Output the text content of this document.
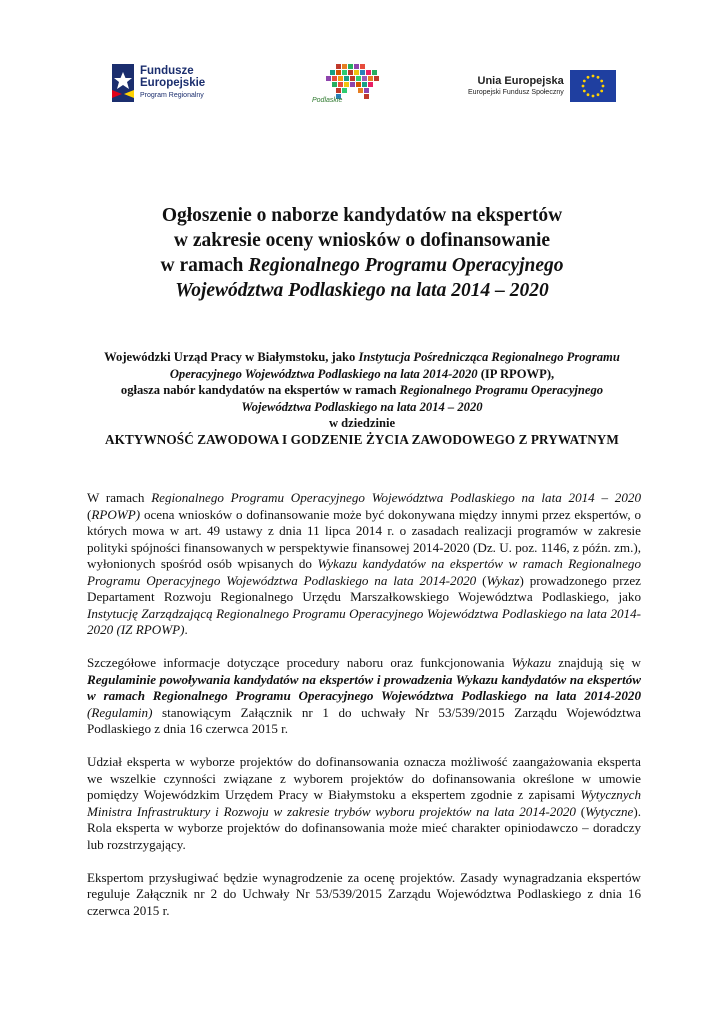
Fundusze
Europejskie
Program Regionalny
Podlaskie
Unia Europejska
Europejski Fundusz Społeczny
Ogłoszenie o naborze kandydatów na ekspertów
w zakresie oceny wniosków o dofinansowanie
w ramach Regionalnego Programu Operacyjnego
Województwa Podlaskiego na lata 2014 – 2020
Wojewódzki Urząd Pracy w Białymstoku, jako Instytucja Pośrednicząca Regionalnego Programu Operacyjnego Województwa Podlaskiego na lata 2014-2020 (IP RPOWP),
ogłasza nabór kandydatów na ekspertów w ramach Regionalnego Programu Operacyjnego Województwa Podlaskiego na lata 2014 – 2020
w dziedzinie
AKTYWNOŚĆ ZAWODOWA I GODZENIE ŻYCIA ZAWODOWEGO Z PRYWATNYM

W ramach Regionalnego Programu Operacyjnego Województwa Podlaskiego na lata 2014 – 2020 (RPOWP) ocena wniosków o dofinansowanie może być dokonywana między innymi przez ekspertów, o których mowa w art. 49 ustawy z dnia 11 lipca 2014 r. o zasadach realizacji programów w zakresie polityki spójności finansowanych w perspektywie finansowej 2014-2020 (Dz. U. poz. 1146, z późn. zm.), wyłonionych spośród osób wpisanych do Wykazu kandydatów na ekspertów w ramach Regionalnego Programu Operacyjnego Województwa Podlaskiego na lata 2014-2020 (Wykaz) prowadzonego przez Departament Rozwoju Regionalnego Urzędu Marszałkowskiego Województwa Podlaskiego, jako Instytucję Zarządzającą Regionalnego Programu Operacyjnego Województwa Podlaskiego na lata 2014-2020 (IZ RPOWP).

Szczegółowe informacje dotyczące procedury naboru oraz funkcjonowania Wykazu znajdują się w Regulaminie powoływania kandydatów na ekspertów i prowadzenia Wykazu kandydatów na ekspertów w ramach Regionalnego Programu Operacyjnego Województwa Podlaskiego na lata 2014-2020 (Regulamin) stanowiącym Załącznik nr 1 do uchwały Nr 53/539/2015 Zarządu Województwa Podlaskiego z dnia 16 czerwca 2015 r.

Udział eksperta w wyborze projektów do dofinansowania oznacza możliwość zaangażowania eksperta we wszelkie czynności związane z wyborem projektów do dofinansowania określone w umowie pomiędzy Wojewódzkim Urzędem Pracy w Białymstoku a ekspertem zgodnie z zapisami Wytycznych Ministra Infrastruktury i Rozwoju w zakresie trybów wyboru projektów na lata 2014-2020 (Wytyczne). Rola eksperta w wyborze projektów do dofinansowania może mieć charakter opiniodawczo – doradczy lub rozstrzygający.

Ekspertom przysługiwać będzie wynagrodzenie za ocenę projektów. Zasady wynagradzania ekspertów reguluje Załącznik nr 2 do Uchwały Nr 53/539/2015 Zarządu Województwa Podlaskiego z dnia 16 czerwca 2015 r.
